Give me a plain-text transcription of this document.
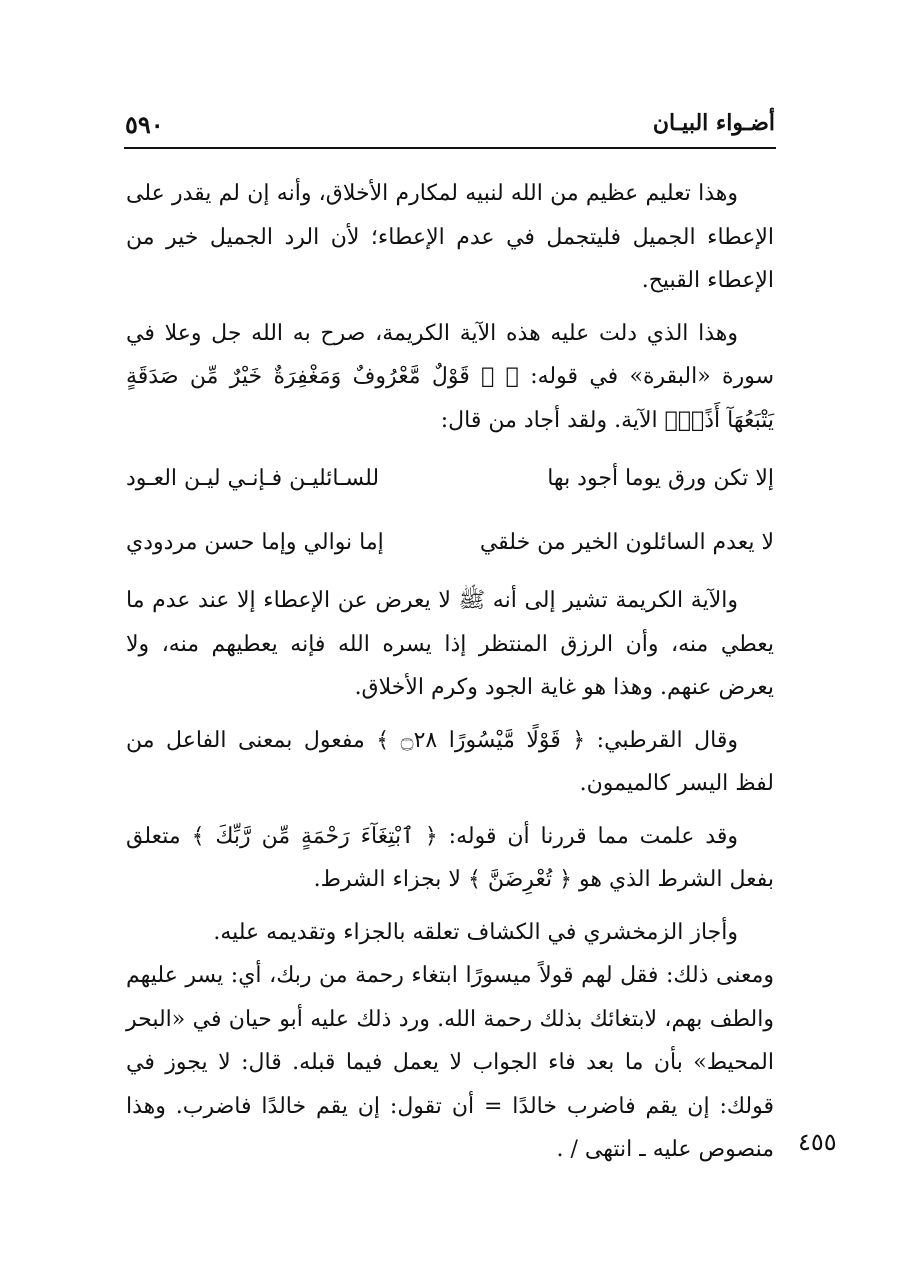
أضـواء البيـان
٥٩٠

وهذا تعليم عظيم من الله لنبيه لمكارم الأخلاق، وأنه إن لم يقدر على الإعطاء الجميل فليتجمل في عدم الإعطاء؛ لأن الرد الجميل خير من الإعطاء القبيح.

وهذا الذي دلت عليه هذه الآية الكريمة، صرح به الله جل وعلا في سورة «البقرة» في قوله: ﴿ ۞ قَوْلٌ مَّعْرُوفٌ وَمَغْفِرَةٌ خَيْرٌ مِّن صَدَقَةٍ يَتْبَعُهَآ أَذًىۗ﴾ الآية. ولقد أجاد من قال:

إلا تكن ورق يوما أجود بها
للسـائليـن فـإنـي ليـن العـود
لا يعدم السائلون الخير من خلقي
إما نوالي وإما حسن مردودي

والآية الكريمة تشير إلى أنه ﷺ لا يعرض عن الإعطاء إلا عند عدم ما يعطي منه، وأن الرزق المنتظر إذا يسره الله فإنه يعطيهم منه، ولا يعرض عنهم. وهذا هو غاية الجود وكرم الأخلاق.

وقال القرطبي: ﴿ قَوْلًا مَّيْسُورًا ۝٢٨ ﴾ مفعول بمعنى الفاعل من لفظ اليسر كالميمون.

وقد علمت مما قررنا أن قوله: ﴿ ٱبْتِغَآءَ رَحْمَةٍ مِّن رَّبِّكَ ﴾ متعلق بفعل الشرط الذي هو ﴿ تُعْرِضَنَّ ﴾ لا بجزاء الشرط.

وأجاز الزمخشري في الكشاف تعلقه بالجزاء وتقديمه عليه.

ومعنى ذلك: فقل لهم قولاً ميسورًا ابتغاء رحمة من ربك، أي: يسر عليهم والطف بهم، لابتغائك بذلك رحمة الله. ورد ذلك عليه أبو حيان في «البحر المحيط» بأن ما بعد فاء الجواب لا يعمل فيما قبله. قال: لا يجوز في قولك: إن يقم فاضرب خالدًا = أن تقول: إن يقم خالدًا فاضرب. وهذا منصوص عليه ـ انتهى / . ٤٥٥
